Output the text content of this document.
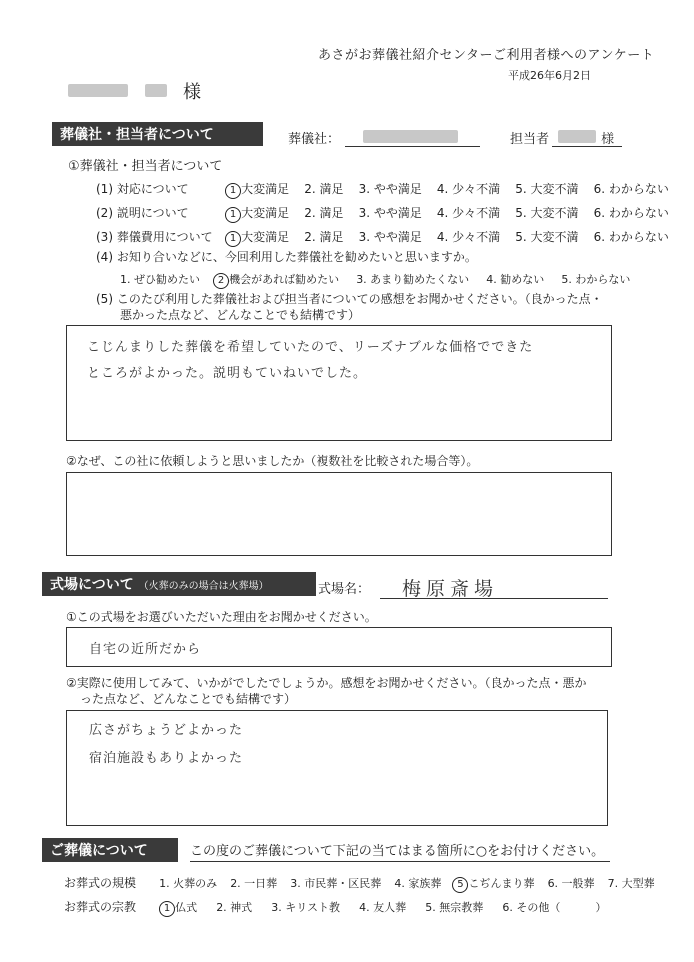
あさがお葬儀社紹介センターご利用者様へのアンケート
平成26年6月2日

様
葬儀社・担当者について	葬儀社：	担当者	様
①葬儀社・担当者について
(1) 対応について	1 大変満足 2. 満足 3. やや満足 4. 少々不満 5. 大変不満 6. わからない
(2) 説明について	1 大変満足 2. 満足 3. やや満足 4. 少々不満 5. 大変不満 6. わからない
(3) 葬儀費用について 1 大変満足 2. 満足 3. やや満足 4. 少々不満 5. 大変不満 6. わからない
(4) お知り合いなどに、今回利用した葬儀社を勧めたいと思いますか。
1. ぜひ勧めたい 2 機会があれば勧めたい 3. あまり勧めたくない 4. 勧めない 5. わからない
(5) このたび利用した葬儀社および担当者についての感想をお聞かせください。（良かった点・
悪かった点など、どんなことでも結構です）
こじんまりした葬儀を希望していたので、リーズナブルな価格でできた
ところがよかった。説明もていねいでした。
②なぜ、この社に依頼しようと思いましたか（複数社を比較された場合等）。
式場について （火葬のみの場合は火葬場）	式場名：	梅原斎場
①この式場をお選びいただいた理由をお聞かせください。
自宅の近所だから
②実際に使用してみて、いかがでしたでしょうか。感想をお聞かせください。（良かった点・悪か
った点など、どんなことでも結構です）
広さがちょうどよかった
宿泊施設もありよかった
ご葬儀について	この度のご葬儀について下記の当てはまる箇所に○をお付けください。
お葬式の規模 1. 火葬のみ 2. 一日葬 3. 市民葬・区民葬 4. 家族葬 5 こぢんまり葬 6. 一般葬 7. 大型葬
お葬式の宗教	1 仏式 2. 神式 3. キリスト教 4. 友人葬 5. 無宗教葬 6. その他（	）
